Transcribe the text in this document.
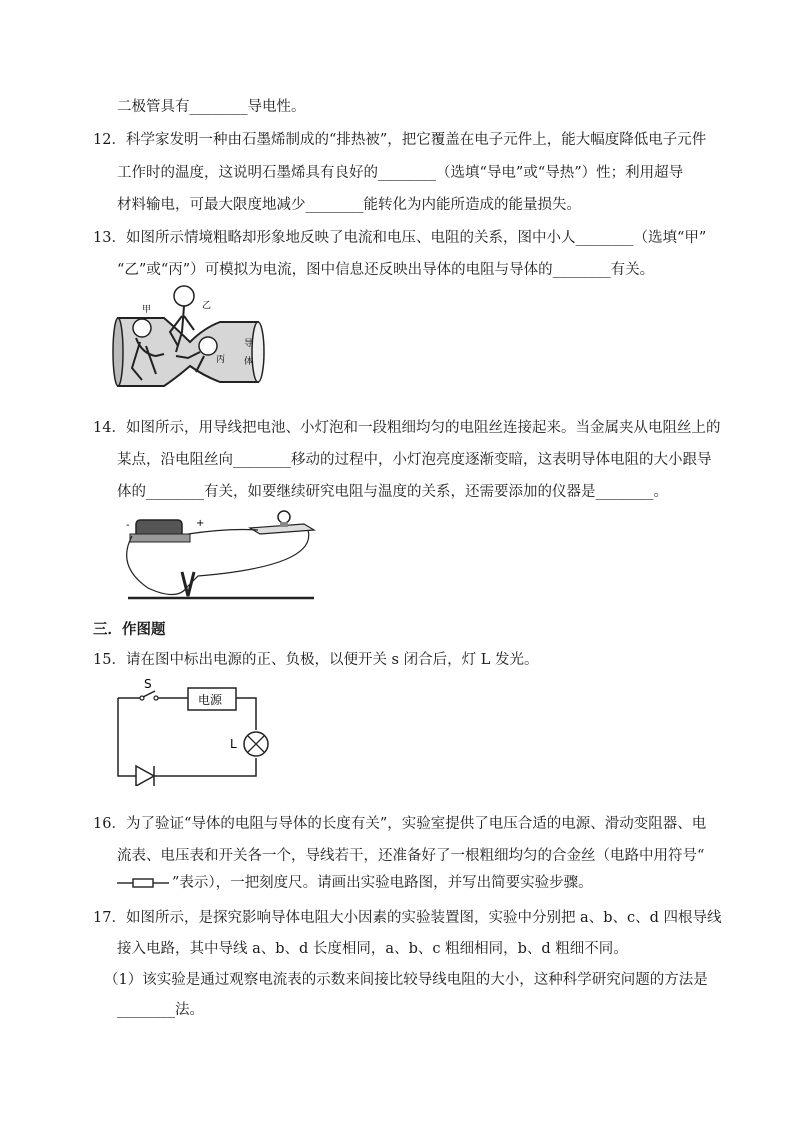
二极管具有________导电性。
12．科学家发明一种由石墨烯制成的“排热被”，把它覆盖在电子元件上，能大幅度降低电子元件
工作时的温度，这说明石墨烯具有良好的________（选填“导电”或“导热”）性；利用超导
材料输电，可最大限度地减少________能转化为内能所造成的能量损失。
13．如图所示情境粗略却形象地反映了电流和电压、电阻的关系，图中小人________（选填“甲”
“乙”或“丙”）可模拟为电流，图中信息还反映出导体的电阻与导体的________有关。
甲	乙
丙
导
体
14．如图所示，用导线把电池、小灯泡和一段粗细均匀的电阻丝连接起来。当金属夹从电阻丝上的
某点，沿电阻丝向________移动的过程中，小灯泡亮度逐渐变暗，这表明导体电阻的大小跟导
体的________有关，如要继续研究电阻与温度的关系，还需要添加的仪器是________。
-	+
三．作图题
15．请在图中标出电源的正、负极，以便开关 s 闭合后，灯 L 发光。
S
电源
L
16．为了验证“导体的电阻与导体的长度有关”，实验室提供了电压合适的电源、滑动变阻器、电
流表、电压表和开关各一个，导线若干，还准备好了一根粗细均匀的合金丝（电路中用符号“
”表示），一把刻度尺。请画出实验电路图，并写出简要实验步骤。
17．如图所示，是探究影响导体电阻大小因素的实验装置图，实验中分别把 a、b、c、d 四根导线
接入电路，其中导线 a、b、d 长度相同，a、b、c 粗细相同，b、d 粗细不同。
（1）该实验是通过观察电流表的示数来间接比较导线电阻的大小，这种科学研究问题的方法是
________法。
